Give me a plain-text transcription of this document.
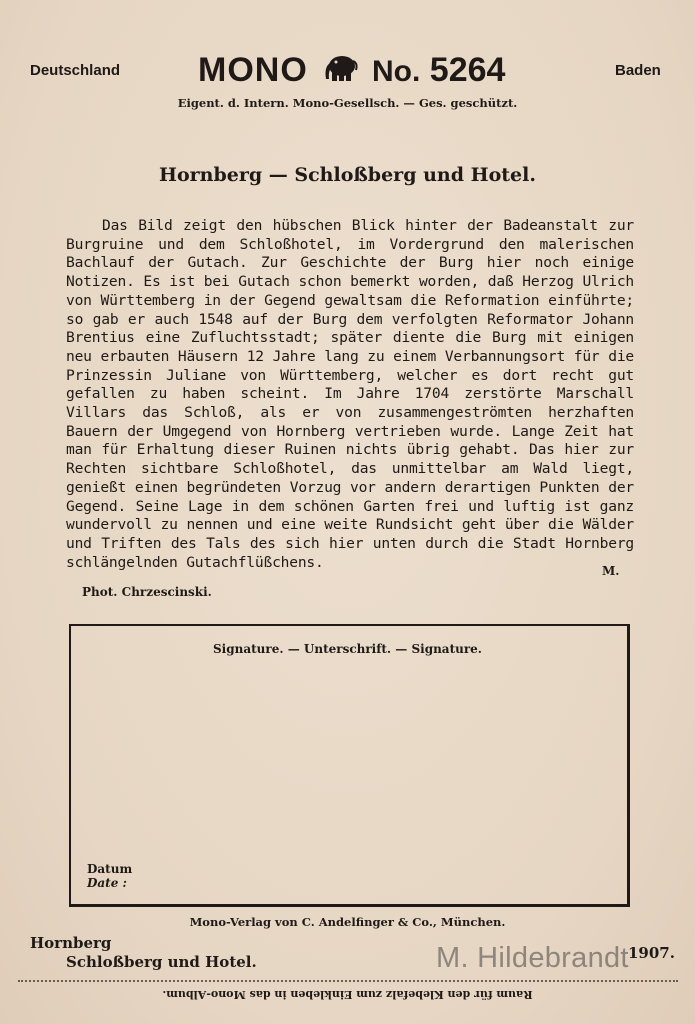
Deutschland MONO No. 5264	Baden
Eigent. d. Intern. Mono-Gesellsch. — Ges. geschützt.
Hornberg — Schloßberg und Hotel.
Das Bild zeigt den hübschen Blick hinter der Badeanstalt zur Burgruine und dem Schloßhotel, im Vordergrund den malerischen Bachlauf der Gutach. Zur Geschichte der Burg hier noch einige Notizen. Es ist bei Gutach schon bemerkt worden, daß Herzog Ulrich von Württemberg in der Gegend gewaltsam die Reformation einführte; so gab er auch 1548 auf der Burg dem verfolgten Reformator Johann Brentius eine Zufluchtsstadt; später diente die Burg mit einigen neu erbauten Häusern 12 Jahre lang zu einem Verbannungsort für die Prinzessin Juliane von Württemberg, welcher es dort recht gut gefallen zu haben scheint. Im Jahre 1704 zerstörte Marschall Villars das Schloß, als er von zusammengeströmten herzhaften Bauern der Umgegend von Hornberg vertrieben wurde. Lange Zeit hat man für Erhaltung dieser Ruinen nichts übrig gehabt. Das hier zur Rechten sichtbare Schloßhotel, das unmittelbar am Wald liegt, genießt einen begründeten Vorzug vor andern derartigen Punkten der Gegend. Seine Lage in dem schönen Garten frei und luftig ist ganz wundervoll zu nennen und eine weite Rundsicht geht über die Wälder und Triften des Tals des sich hier unten durch die Stadt Hornberg schlängelnden Gutachflüßchens.
M.
Phot. Chrzescinski.
Signature. — Unterschrift. — Signature.
Datum
Date :
Mono-Verlag von C. Andelfinger & Co., München.
Hornberg
Schloßberg und Hotel.	M. Hildebrandt 1907.
Raum für den Klebefalz zum Einkleben in das Mono-Album.
